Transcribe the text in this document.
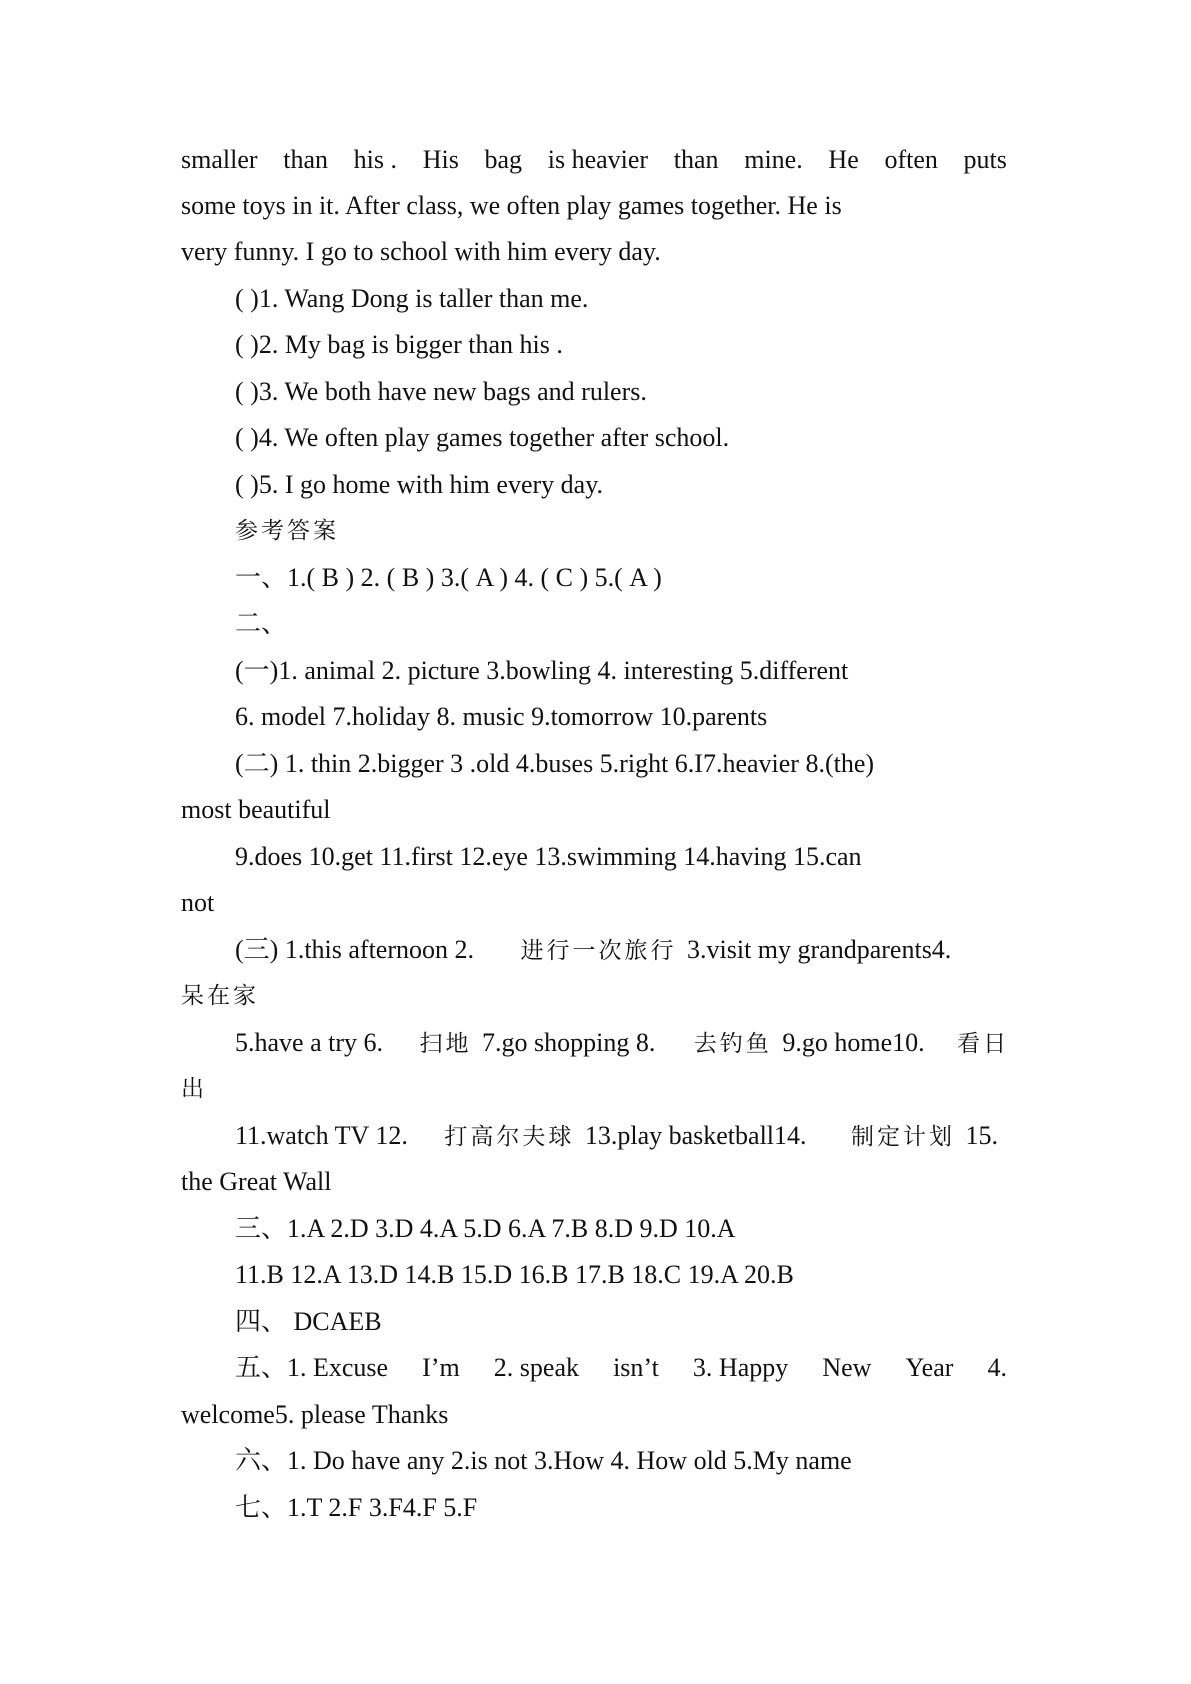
smaller than his . His bag is heavier than mine. He often puts
some toys in it. After class, we often play games together. He is
very funny. I go to school with him every day.
( )1. Wang Dong is taller than me.
( )2. My bag is bigger than his .
( )3. We both have new bags and rulers.
( )4. We often play games together after school.
( )5. I go home with him every day.
参考答案
一、1.( B ) 2. ( B ) 3.( A ) 4. ( C ) 5.( A )
二、
(一)1. animal 2. picture 3.bowling 4. interesting 5.different
6. model 7.holiday 8. music 9.tomorrow 10.parents
(二) 1. thin 2.bigger 3 .old 4.buses 5.right 6.I7.heavier 8.(the)
most beautiful
9.does 10.get 11.first 12.eye 13.swimming 14.having 15.can
not
(三) 1.this afternoon 2. 进行一次旅行 3.visit my grandparents4.
呆在家
5.have a try 6. 扫地 7.go shopping 8. 去钓鱼 9.go home10. 看日
出
11.watch TV 12. 打高尔夫球 13.play basketball14. 制定计划 15.
the Great Wall
三、1.A 2.D 3.D 4.A 5.D 6.A 7.B 8.D 9.D 10.A
11.B 12.A 13.D 14.B 15.D 16.B 17.B 18.C 19.A 20.B
四、 DCAEB
五、1. Excuse I’m 2. speak isn’t 3. Happy New Year 4.
welcome5. please Thanks
六、1. Do have any 2.is not 3.How 4. How old 5.My name
七、1.T 2.F 3.F4.F 5.F
